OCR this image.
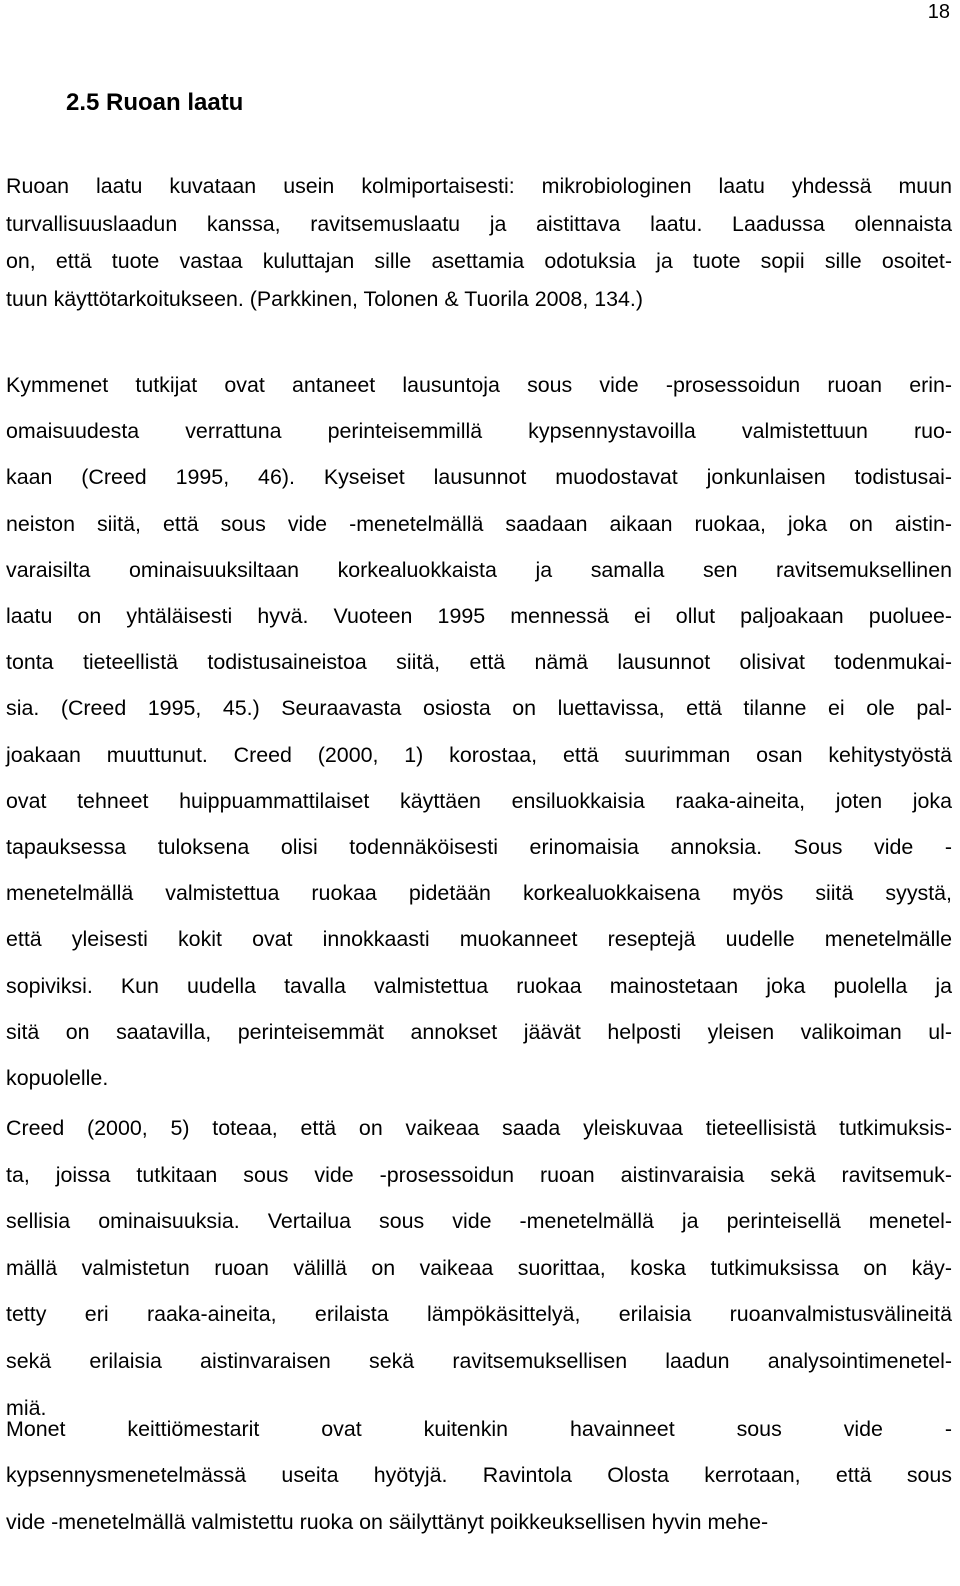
18
2.5 Ruoan laatu
Ruoan laatu kuvataan usein kolmiportaisesti: mikrobiologinen laatu yhdessä muun
turvallisuuslaadun kanssa, ravitsemuslaatu ja aistittava laatu. Laadussa olennaista
on, että tuote vastaa kuluttajan sille asettamia odotuksia ja tuote sopii sille osoitet-
tuun käyttötarkoitukseen. (Parkkinen, Tolonen & Tuorila 2008, 134.)
Kymmenet tutkijat ovat antaneet lausuntoja sous vide -prosessoidun ruoan erin-
omaisuudesta verrattuna perinteisemmillä kypsennystavoilla valmistettuun ruo-
kaan (Creed 1995, 46). Kyseiset lausunnot muodostavat jonkunlaisen todistusai-
neiston siitä, että sous vide -menetelmällä saadaan aikaan ruokaa, joka on aistin-
varaisilta ominaisuuksiltaan korkealuokkaista ja samalla sen ravitsemuksellinen
laatu on yhtäläisesti hyvä. Vuoteen 1995 mennessä ei ollut paljoakaan puoluee-
tonta tieteellistä todistusaineistoa siitä, että nämä lausunnot olisivat todenmukai-
sia. (Creed 1995, 45.) Seuraavasta osiosta on luettavissa, että tilanne ei ole pal-
joakaan muuttunut. Creed (2000, 1) korostaa, että suurimman osan kehitystyöstä
ovat tehneet huippuammattilaiset käyttäen ensiluokkaisia raaka-aineita, joten joka
tapauksessa tuloksena olisi todennäköisesti erinomaisia annoksia. Sous vide -
menetelmällä valmistettua ruokaa pidetään korkealuokkaisena myös siitä syystä,
että yleisesti kokit ovat innokkaasti muokanneet reseptejä uudelle menetelmälle
sopiviksi. Kun uudella tavalla valmistettua ruokaa mainostetaan joka puolella ja
sitä on saatavilla, perinteisemmät annokset jäävät helposti yleisen valikoiman ul-
kopuolelle.
Creed (2000, 5) toteaa, että on vaikeaa saada yleiskuvaa tieteellisistä tutkimuksis-
ta, joissa tutkitaan sous vide -prosessoidun ruoan aistinvaraisia sekä ravitsemuk-
sellisia ominaisuuksia. Vertailua sous vide -menetelmällä ja perinteisellä menetel-
mällä valmistetun ruoan välillä on vaikeaa suorittaa, koska tutkimuksissa on käy-
tetty eri raaka-aineita, erilaista lämpökäsittelyä, erilaisia ruoanvalmistusvälineitä
sekä erilaisia aistinvaraisen sekä ravitsemuksellisen laadun analysointimenetel-
miä.
Monet keittiömestarit ovat kuitenkin havainneet sous vide -
kypsennysmenetelmässä useita hyötyjä. Ravintola Olosta kerrotaan, että sous
vide -menetelmällä valmistettu ruoka on säilyttänyt poikkeuksellisen hyvin mehe-
